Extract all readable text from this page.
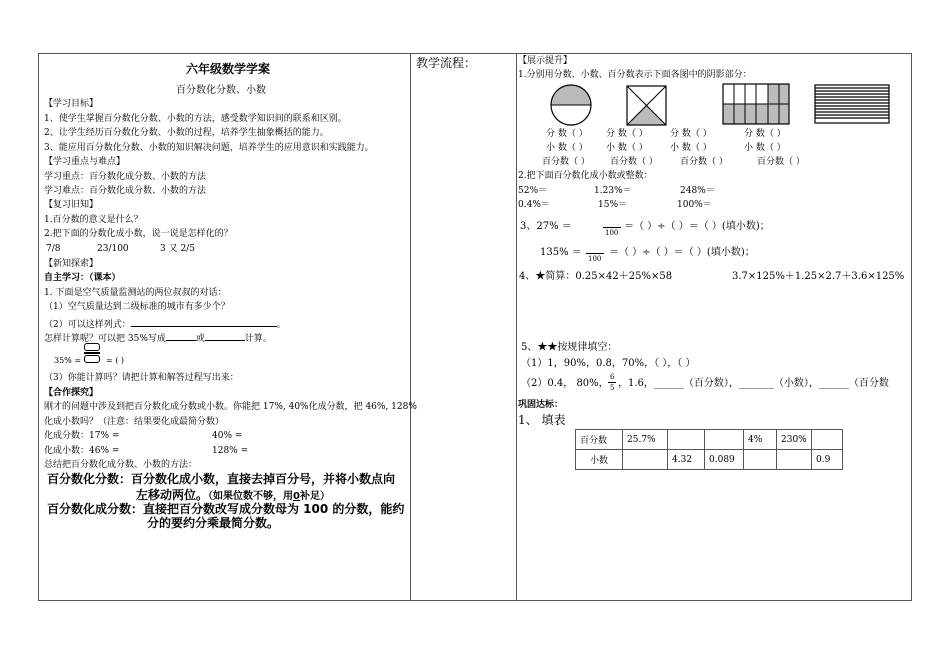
六年级数学学案
百分数化分数、小数
【学习目标】
1、使学生掌握百分数化分数、小数的方法，感受数学知识间的联系和区别。
2、让学生经历百分数化分数、小数的过程，培养学生抽象概括的能力。
3、能应用百分数化分数、小数的知识解决问题，培养学生的应用意识和实践能力。
【学习重点与难点】
学习重点：百分数化成分数、小数的方法
学习难点：百分数化成分数、小数的方法
【复习旧知】
1.百分数的意义是什么？
2.把下面的分数化成小数，说一说是怎样化的？
7/8	23/100	3 又 2/5
【新知探索】
自主学习：（课本）
1. 下面是空气质量监测站的两位叔叔的对话：
（1）空气质量达到二级标准的城市有多少个？
（2）可以这样列式：	。
怎样计算呢？可以把 35%写成	或	计算。
35% =	= ( )
（3）你能计算吗？请把计算和解答过程写出来：
【合作探究】
刚才的问题中涉及到把百分数化成分数或小数。你能把 17%, 40%化成分数，把 46%, 128%
化成小数吗？（注意：结果要化成最简分数）
化成分数：17% =	40% =
化成小数：46% =	128% =
总结把百分数化成分数、小数的方法：
百分数化分数：百分数化成小数，直接去掉百分号，并将小数点向
左移动两位。（如果位数不够，用0补足）
百分数化成分数：直接把百分数改写成分数母为 100 的分数，能约
分的要约分乘最简分数。
教学流程：	【展示提升】
1.分别用分数、小数、百分数表示下面各图中的阴影部分：
分 数（ ）
小 数（ ）
百分数（ ）
分 数（ ）
小 数（ ）
百分数（ ）
分 数（ ）
小 数（ ）
百分数（ ）
分 数（ ）
小 数（ ）
百分数（ ）
2.把下面百分数化成小数或整数：
52%＝	1.23%＝	248%＝
0.4%＝	15%＝	100%＝
3、27% ＝
100
＝（ ）÷（ ）＝（ ）(填小数)；
135% ＝
100
＝（ ）÷（ ）＝（ ）(填小数)；
4、★简算：0.25×42＋25%×58	3.7×125%＋1.25×2.7＋3.6×125%
5、★★按规律填空：
（1）1，90%，0.8，70%，（ ），（ ）
（2）0.4， 80%，
6
5 ，1.6，______（百分数），_______（小数），______（百分数
巩固达标：
1、 填表
百分数	25.7%			4%	230%	
小数		4.32	0.089			0.9
